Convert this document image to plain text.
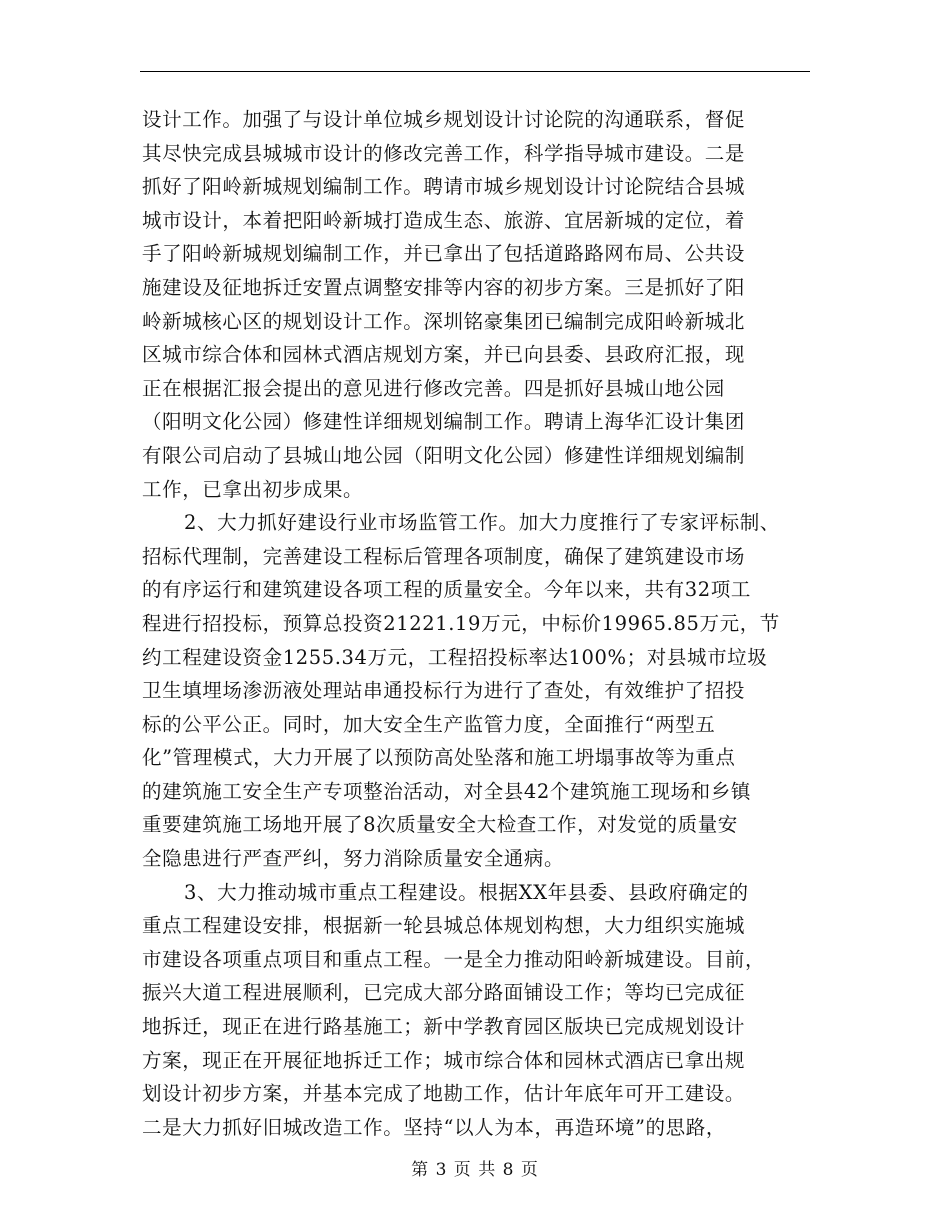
设计工作。加强了与设计单位城乡规划设计讨论院的沟通联系，督促
其尽快完成县城城市设计的修改完善工作，科学指导城市建设。二是
抓好了阳岭新城规划编制工作。聘请市城乡规划设计讨论院结合县城
城市设计，本着把阳岭新城打造成生态、旅游、宜居新城的定位，着
手了阳岭新城规划编制工作，并已拿出了包括道路路网布局、公共设
施建设及征地拆迁安置点调整安排等内容的初步方案。三是抓好了阳
岭新城核心区的规划设计工作。深圳铭豪集团已编制完成阳岭新城北
区城市综合体和园林式酒店规划方案，并已向县委、县政府汇报，现
正在根据汇报会提出的意见进行修改完善。四是抓好县城山地公园
（阳明文化公园）修建性详细规划编制工作。聘请上海华汇设计集团
有限公司启动了县城山地公园（阳明文化公园）修建性详细规划编制
工作，已拿出初步成果。
2、大力抓好建设行业市场监管工作。加大力度推行了专家评标制、
招标代理制，完善建设工程标后管理各项制度，确保了建筑建设市场
的有序运行和建筑建设各项工程的质量安全。今年以来，共有32项工
程进行招投标，预算总投资21221.19万元，中标价19965.85万元，节
约工程建设资金1255.34万元，工程招投标率达100%；对县城市垃圾
卫生填埋场渗沥液处理站串通投标行为进行了查处，有效维护了招投
标的公平公正。同时，加大安全生产监管力度，全面推行“两型五
化”管理模式，大力开展了以预防高处坠落和施工坍塌事故等为重点
的建筑施工安全生产专项整治活动，对全县42个建筑施工现场和乡镇
重要建筑施工场地开展了8次质量安全大检查工作，对发觉的质量安
全隐患进行严查严纠，努力消除质量安全通病。
3、大力推动城市重点工程建设。根据XX年县委、县政府确定的
重点工程建设安排，根据新一轮县城总体规划构想，大力组织实施城
市建设各项重点项目和重点工程。一是全力推动阳岭新城建设。目前，
振兴大道工程进展顺利，已完成大部分路面铺设工作；等均已完成征
地拆迁，现正在进行路基施工；新中学教育园区版块已完成规划设计
方案，现正在开展征地拆迁工作；城市综合体和园林式酒店已拿出规
划设计初步方案，并基本完成了地勘工作，估计年底年可开工建设。
二是大力抓好旧城改造工作。坚持“以人为本，再造环境”的思路，
第 3 页 共 8 页
